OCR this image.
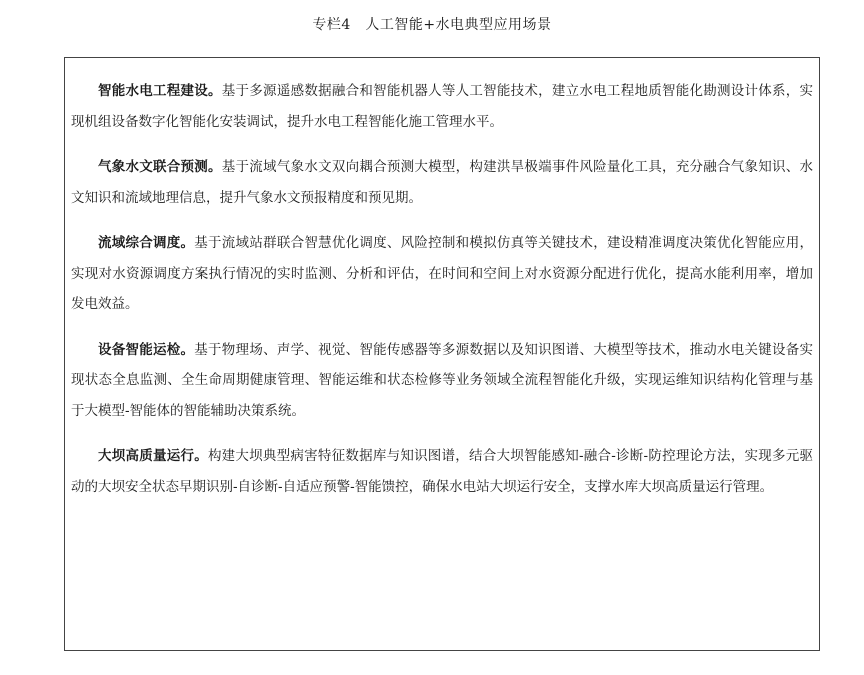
专栏4　人工智能+水电典型应用场景

智能水电工程建设。基于多源遥感数据融合和智能机器人等人工智能技术，建立水电工程地质智能化勘测设计体系，实现机组设备数字化智能化安装调试，提升水电工程智能化施工管理水平。

气象水文联合预测。基于流域气象水文双向耦合预测大模型，构建洪旱极端事件风险量化工具，充分融合气象知识、水文知识和流域地理信息，提升气象水文预报精度和预见期。

流域综合调度。基于流域站群联合智慧优化调度、风险控制和模拟仿真等关键技术，建设精准调度决策优化智能应用，实现对水资源调度方案执行情况的实时监测、分析和评估，在时间和空间上对水资源分配进行优化，提高水能利用率，增加发电效益。

设备智能运检。基于物理场、声学、视觉、智能传感器等多源数据以及知识图谱、大模型等技术，推动水电关键设备实现状态全息监测、全生命周期健康管理、智能运维和状态检修等业务领域全流程智能化升级，实现运维知识结构化管理与基于大模型-智能体的智能辅助决策系统。

大坝高质量运行。构建大坝典型病害特征数据库与知识图谱，结合大坝智能感知-融合-诊断-防控理论方法，实现多元驱动的大坝安全状态早期识别-自诊断-自适应预警-智能馈控，确保水电站大坝运行安全，支撑水库大坝高质量运行管理。
